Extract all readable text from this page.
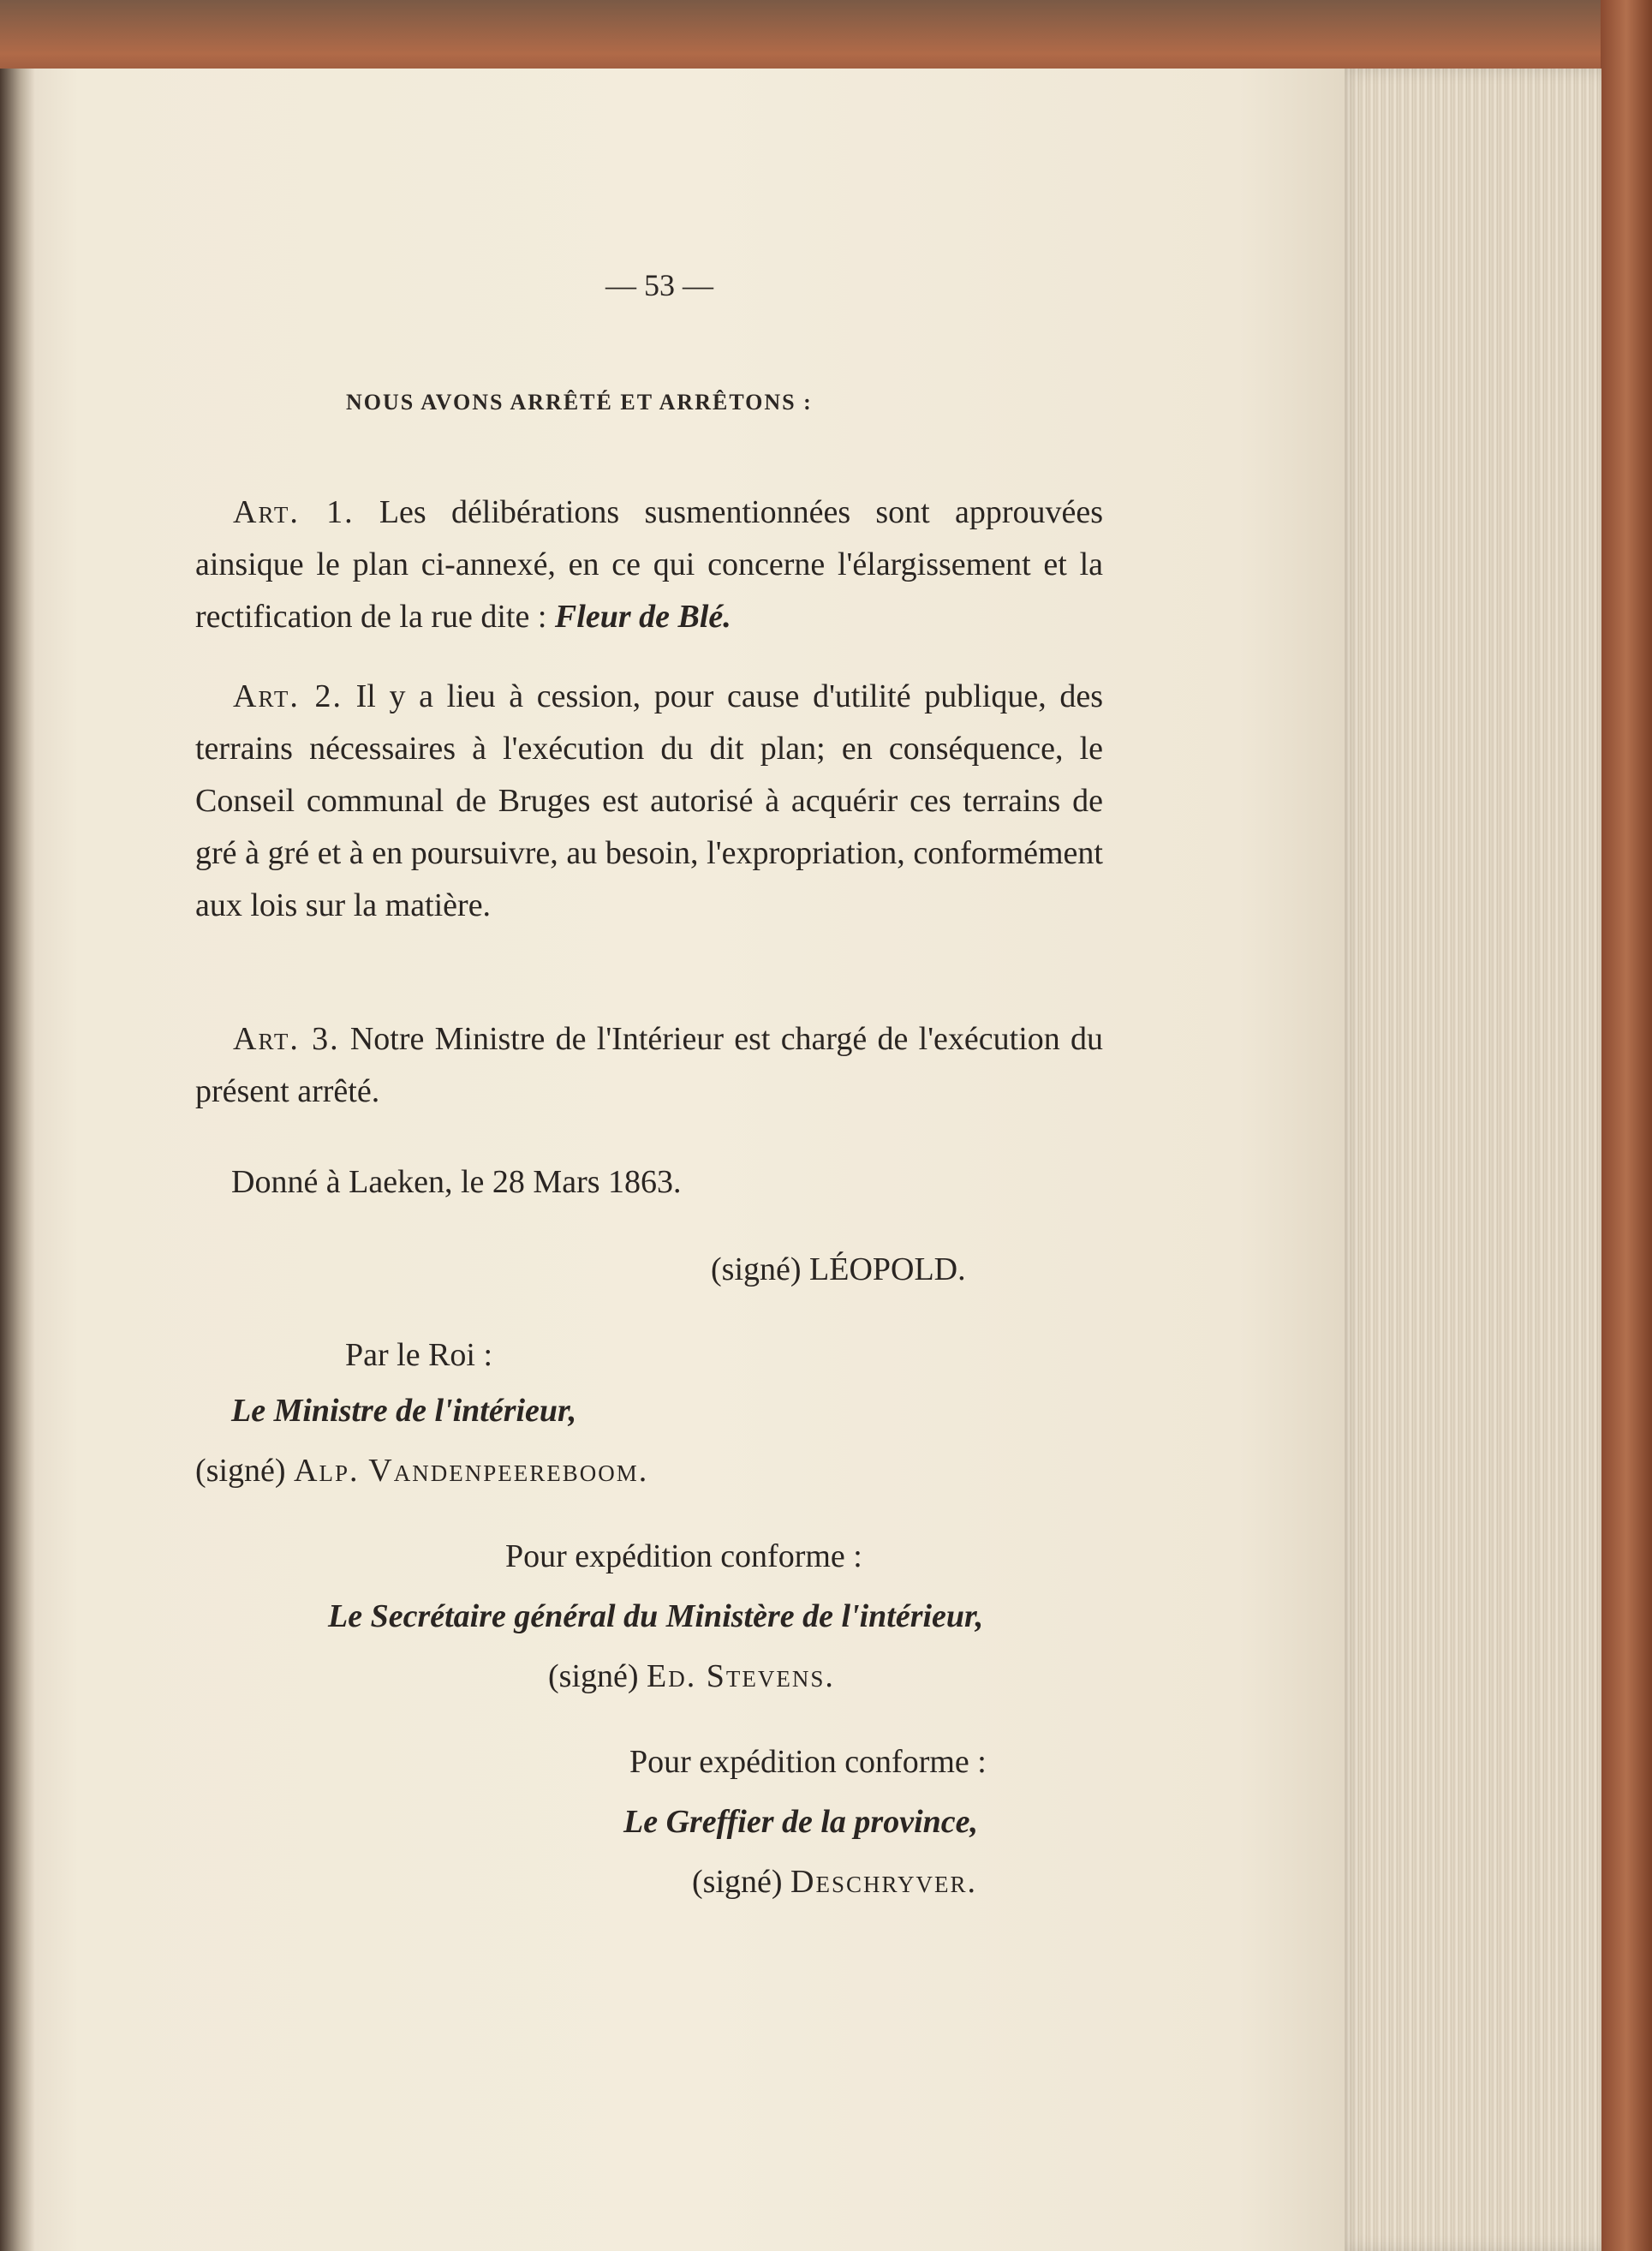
— 53 —
NOUS AVONS ARRÊTÉ ET ARRÊTONS :

Art. 1. Les délibérations susmentionnées sont approuvées ainsique le plan ci-annexé, en ce qui concerne l'élargissement et la rectification de la rue dite : Fleur de Blé.

Art. 2. Il y a lieu à cession, pour cause d'utilité publique, des terrains nécessaires à l'exécution du dit plan; en conséquence, le Conseil communal de Bruges est autorisé à acquérir ces terrains de gré à gré et à en poursuivre, au besoin, l'expropriation, conformément aux lois sur la matière.

Art. 3. Notre Ministre de l'Intérieur est chargé de l'exécution du présent arrêté.

Donné à Laeken, le 28 Mars 1863.
(signé) LÉOPOLD.
Par le Roi :
Le Ministre de l'intérieur,
(signé) Alp. Vandenpeereboom.
Pour expédition conforme :
Le Secrétaire général du Ministère de l'intérieur,
(signé) Ed. Stevens.
Pour expédition conforme :
Le Greffier de la province,
(signé) Deschryver.
